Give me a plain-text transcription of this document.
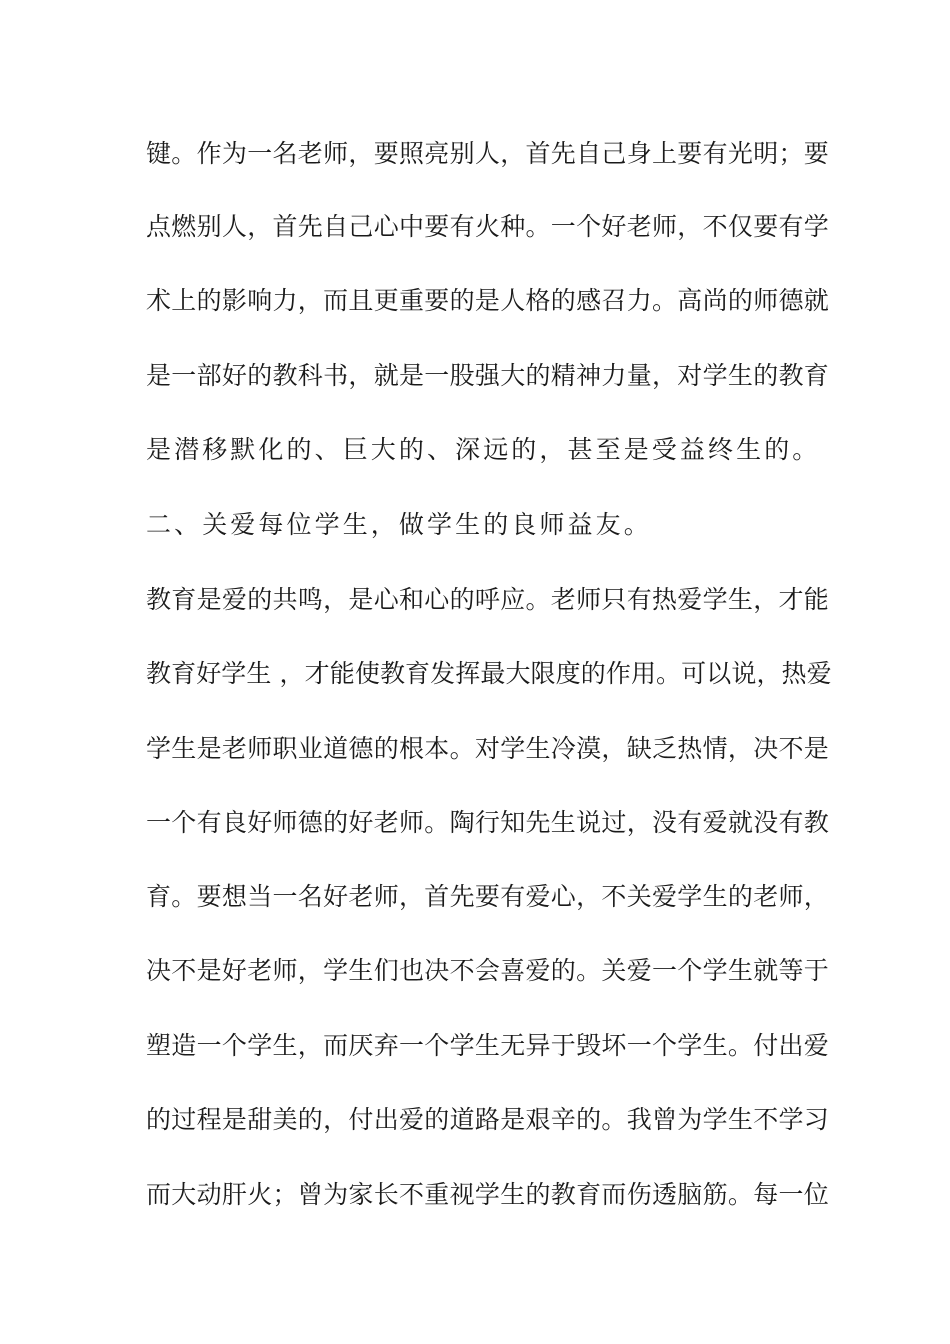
键。作为一名老师，要照亮别人，首先自己身上要有光明；要
点燃别人，首先自己心中要有火种。一个好老师，不仅要有学
术上的影响力，而且更重要的是人格的感召力。高尚的师德就
是一部好的教科书，就是一股强大的精神力量，对学生的教育
是潜移默化的、巨大的、深远的，甚至是受益终生的。
二、关爱每位学生，做学生的良师益友。
教育是爱的共鸣，是心和心的呼应。老师只有热爱学生，才能
教育好学生 ，才能使教育发挥最大限度的作用。可以说，热爱
学生是老师职业道德的根本。对学生冷漠，缺乏热情，决不是
一个有良好师德的好老师。陶行知先生说过，没有爱就没有教
育。要想当一名好老师，首先要有爱心，不关爱学生的老师，
决不是好老师，学生们也决不会喜爱的。关爱一个学生就等于
塑造一个学生，而厌弃一个学生无异于毁坏一个学生。付出爱
的过程是甜美的，付出爱的道路是艰辛的。我曾为学生不学习
而大动肝火；曾为家长不重视学生的教育而伤透脑筋。每一位
